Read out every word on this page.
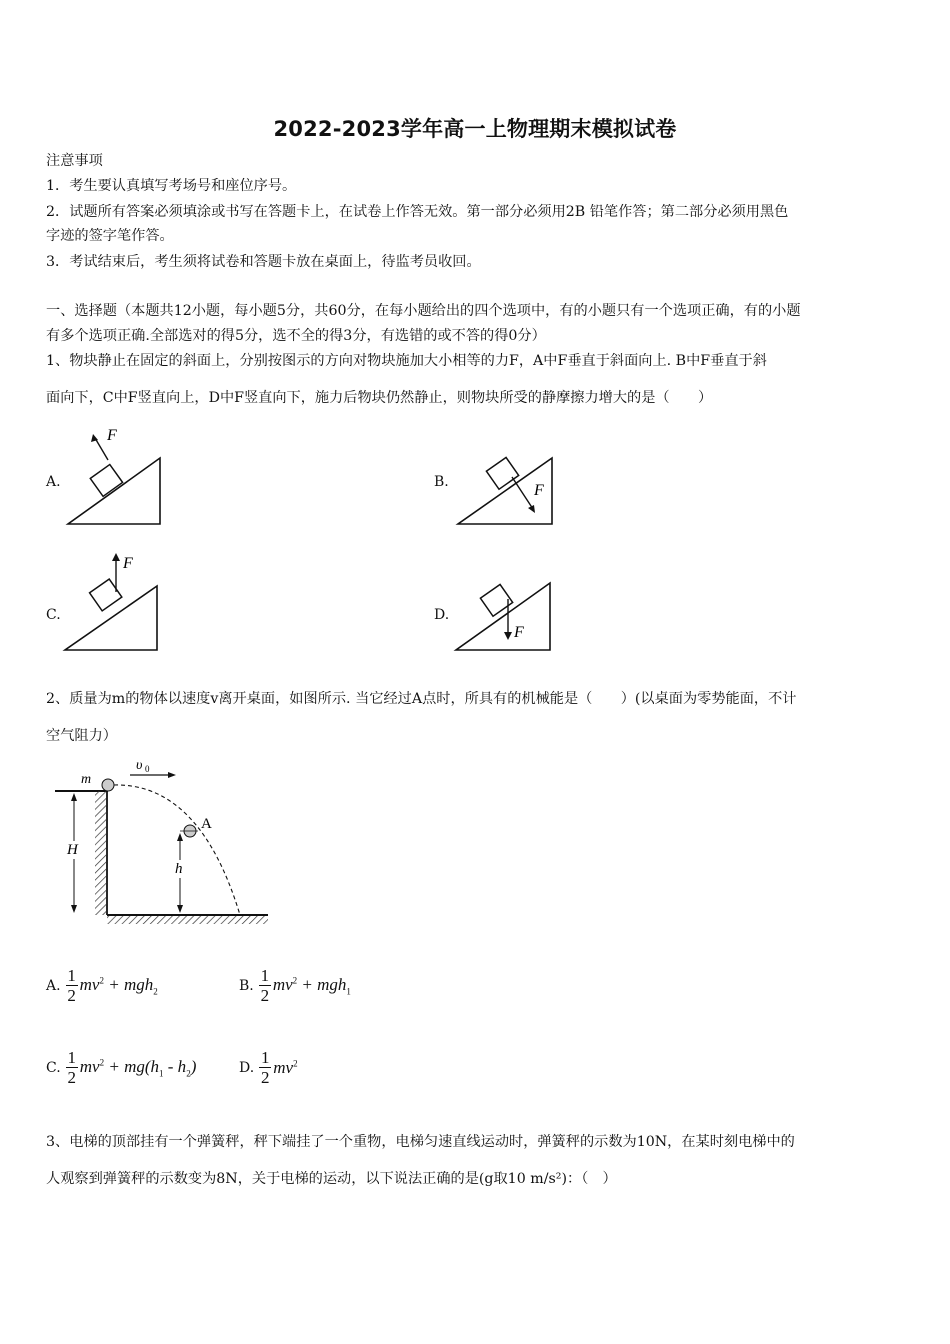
2022-2023学年高一上物理期末模拟试卷
注意事项
1．考生要认真填写考场号和座位序号。
2．试题所有答案必须填涂或书写在答题卡上，在试卷上作答无效。第一部分必须用2B 铅笔作答；第二部分必须用黑色
字迹的签字笔作答。
3．考试结束后，考生须将试卷和答题卡放在桌面上，待监考员收回。
一、选择题（本题共12小题，每小题5分，共60分，在每小题给出的四个选项中，有的小题只有一个选项正确，有的小题
有多个选项正确.全部选对的得5分，选不全的得3分，有选错的或不答的得0分）
1、物块静止在固定的斜面上，分别按图示的方向对物块施加大小相等的力F，A中F垂直于斜面向上. B中F垂直于斜
面向下，C中F竖直向上，D中F竖直向下，施力后物块仍然静止，则物块所受的静摩擦力增大的是（　　）
A.
F
B.	F
C.
F
D.
F
2、质量为m的物体以速度v离开桌面，如图所示. 当它经过A点时，所具有的机械能是（　　）(以桌面为零势能面，不计
空气阻力）
m
υ 0
A
H
h
A. $\frac{1}{2} mv^2 + mgh_2$	B. $\frac{1}{2} mv^2 + mgh_1$
C. $\frac{1}{2} mv^2 + mg(h_1 - h_2)$	D. $\frac{1}{2} mv^2$
3、电梯的顶部挂有一个弹簧秤，秤下端挂了一个重物，电梯匀速直线运动时，弹簧秤的示数为10N，在某时刻电梯中的
人观察到弹簧秤的示数变为8N，关于电梯的运动，以下说法正确的是(g取10 m/s²)：（　）
